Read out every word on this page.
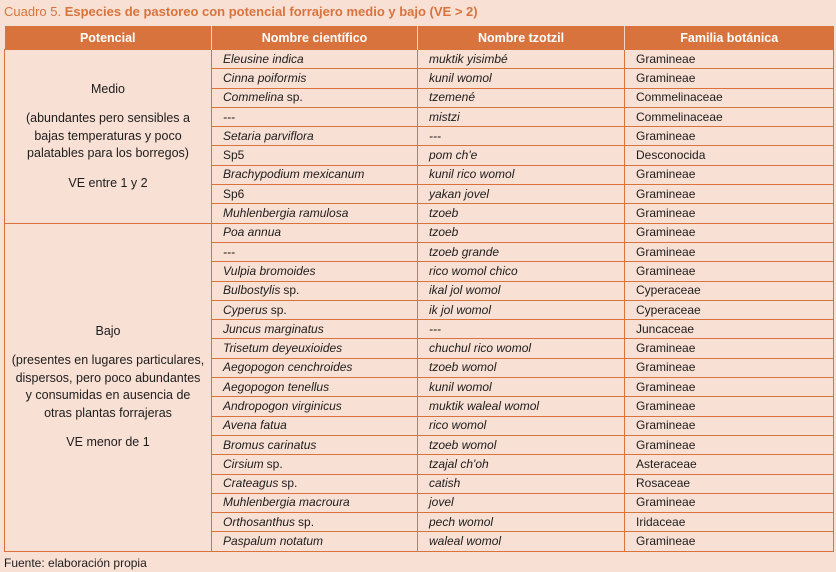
Cuadro 5. Especies de pastoreo con potencial forrajero medio y bajo (VE > 2)
Potencial	Nombre científico	Nombre tzotzil	Familia botánica

Medio
(abundantes pero sensibles a bajas temperaturas y poco palatables para los borregos)
VE entre 1 y 2	Eleusine indica	muktik yisimbé	Gramineae
	Cinna poiformis	kunil womol	Gramineae
	Commelina sp.	tzemené	Commelinaceae
	---	mistzi	Commelinaceae
	Setaria parviflora	---	Gramineae
	Sp5	pom ch'e	Desconocida
	Brachypodium mexicanum	kunil rico womol	Gramineae
	Sp6	yakan jovel	Gramineae
	Muhlenbergia ramulosa	tzoeb	Gramineae

Bajo
(presentes en lugares particulares, dispersos, pero poco abundantes y consumidas en ausencia de otras plantas forrajeras
VE menor de 1	Poa annua	tzoeb	Gramineae
	---	tzoeb grande	Gramineae
	Vulpia bromoides	rico womol chico	Gramineae
	Bulbostylis sp.	ikal jol womol	Cyperaceae
	Cyperus sp.	ik jol womol	Cyperaceae
	Juncus marginatus	---	Juncaceae
	Trisetum deyeuxioides	chuchul rico womol	Gramineae
	Aegopogon cenchroides	tzoeb womol	Gramineae
	Aegopogon tenellus	kunil womol	Gramineae
	Andropogon virginicus	muktik waleal womol	Gramineae
	Avena fatua	rico womol	Gramineae
	Bromus carinatus	tzoeb womol	Gramineae
	Cirsium sp.	tzajal ch'oh	Asteraceae
	Crateagus sp.	catish	Rosaceae
	Muhlenbergia macroura	jovel	Gramineae
	Orthosanthus sp.	pech womol	Iridaceae
	Paspalum notatum	waleal womol	Gramineae
Fuente: elaboración propia
